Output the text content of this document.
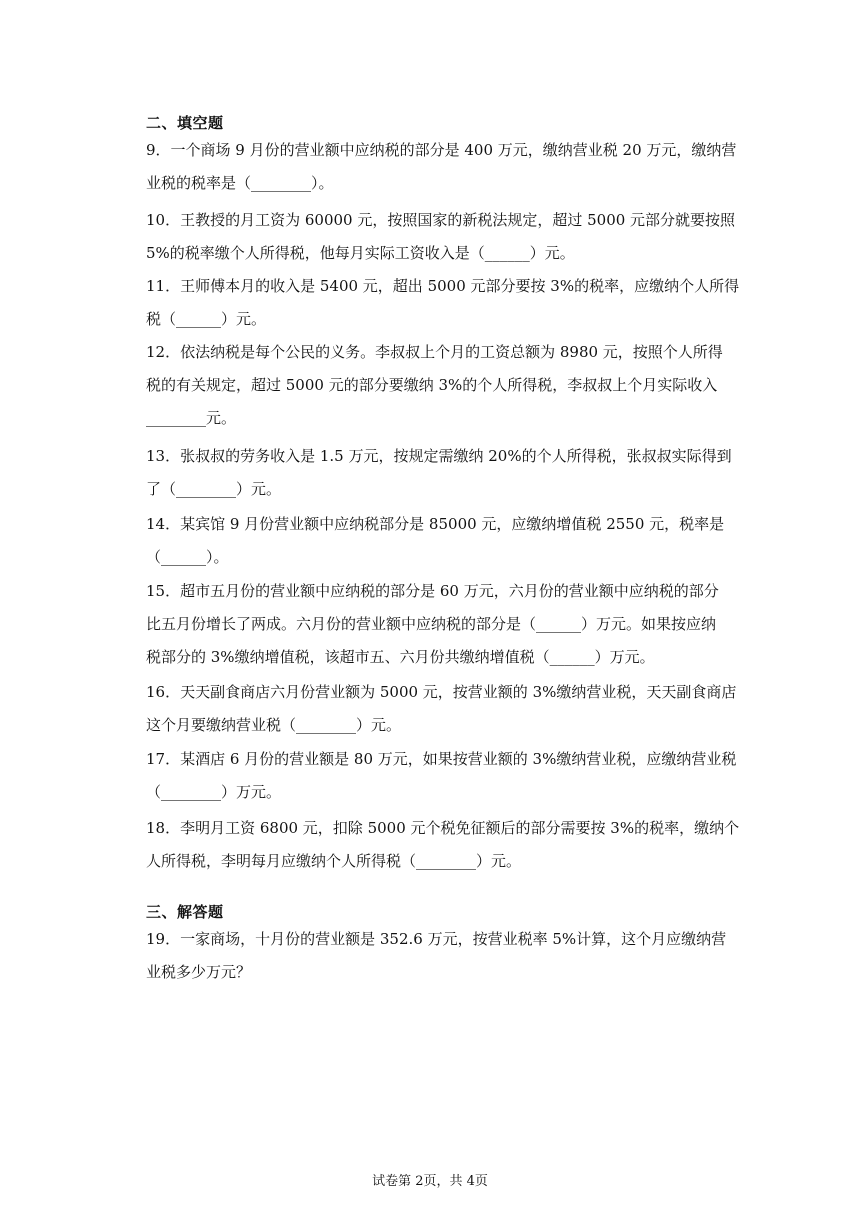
二、填空题

9．一个商场 9 月份的营业额中应纳税的部分是 400 万元，缴纳营业税 20 万元，缴纳营

业税的税率是（________）。

10．王教授的月工资为 60000 元，按照国家的新税法规定，超过 5000 元部分就要按照

5%的税率缴个人所得税，他每月实际工资收入是（______）元。

11．王师傅本月的收入是 5400 元，超出 5000 元部分要按 3%的税率，应缴纳个人所得

税（______）元。

12．依法纳税是每个公民的义务。李叔叔上个月的工资总额为 8980 元，按照个人所得

税的有关规定，超过 5000 元的部分要缴纳 3%的个人所得税，李叔叔上个月实际收入

________元。

13．张叔叔的劳务收入是 1.5 万元，按规定需缴纳 20%的个人所得税，张叔叔实际得到

了（________）元。

14．某宾馆 9 月份营业额中应纳税部分是 85000 元，应缴纳增值税 2550 元，税率是

（______）。

15．超市五月份的营业额中应纳税的部分是 60 万元，六月份的营业额中应纳税的部分

比五月份增长了两成。六月份的营业额中应纳税的部分是（______）万元。如果按应纳

税部分的 3%缴纳增值税，该超市五、六月份共缴纳增值税（______）万元。

16．天天副食商店六月份营业额为 5000 元，按营业额的 3%缴纳营业税，天天副食商店

这个月要缴纳营业税（________）元。

17．某酒店 6 月份的营业额是 80 万元，如果按营业额的 3%缴纳营业税，应缴纳营业税

（________）万元。

18．李明月工资 6800 元，扣除 5000 元个税免征额后的部分需要按 3%的税率，缴纳个

人所得税，李明每月应缴纳个人所得税（________）元。

三、解答题

19．一家商场，十月份的营业额是 352.6 万元，按营业税率 5%计算，这个月应缴纳营

业税多少万元？

试卷第 2页，共 4页
